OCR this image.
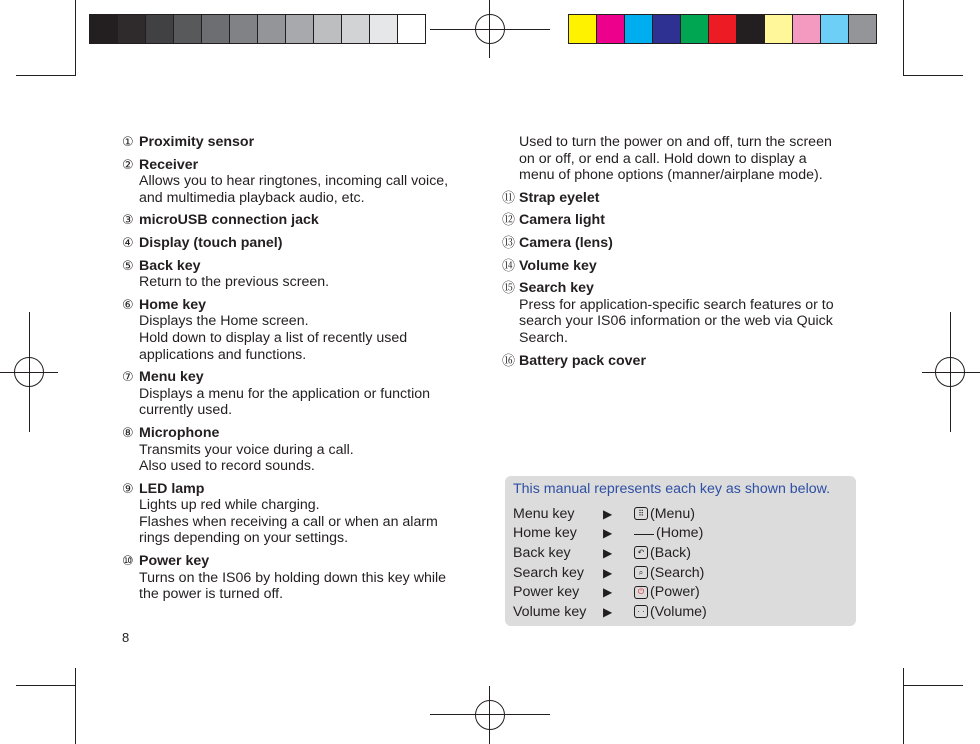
① Proximity sensor
② Receiver
Allows you to hear ringtones, incoming call voice,
and multimedia playback audio, etc.
③ microUSB connection jack
④ Display (touch panel)
⑤ Back key
Return to the previous screen.
⑥ Home key
Displays the Home screen.
Hold down to display a list of recently used
applications and functions.
⑦ Menu key
Displays a menu for the application or function
currently used.
⑧ Microphone
Transmits your voice during a call.
Also used to record sounds.
⑨ LED lamp
Lights up red while charging.
Flashes when receiving a call or when an alarm
rings depending on your settings.
⑩ Power key
Turns on the IS06 by holding down this key while
the power is turned off.
Used to turn the power on and off, turn the screen
on or off, or end a call. Hold down to display a
menu of phone options (manner/airplane mode).
⑪ Strap eyelet
⑫ Camera light
⑬ Camera (lens)
⑭ Volume key
⑮ Search key
Press for application-specific search features or to
search your IS06 information or the web via Quick
Search.
⑯ Battery pack cover
This manual represents each key as shown below.
Menu key	▶	⠿ (Menu)
Home key	▶	(Home)
Back key	▶	↶ (Back)
Search key	▶	⌕ (Search)
Power key	▶	⏻ (Power)
Volume key	▶	· · (Volume)
8
